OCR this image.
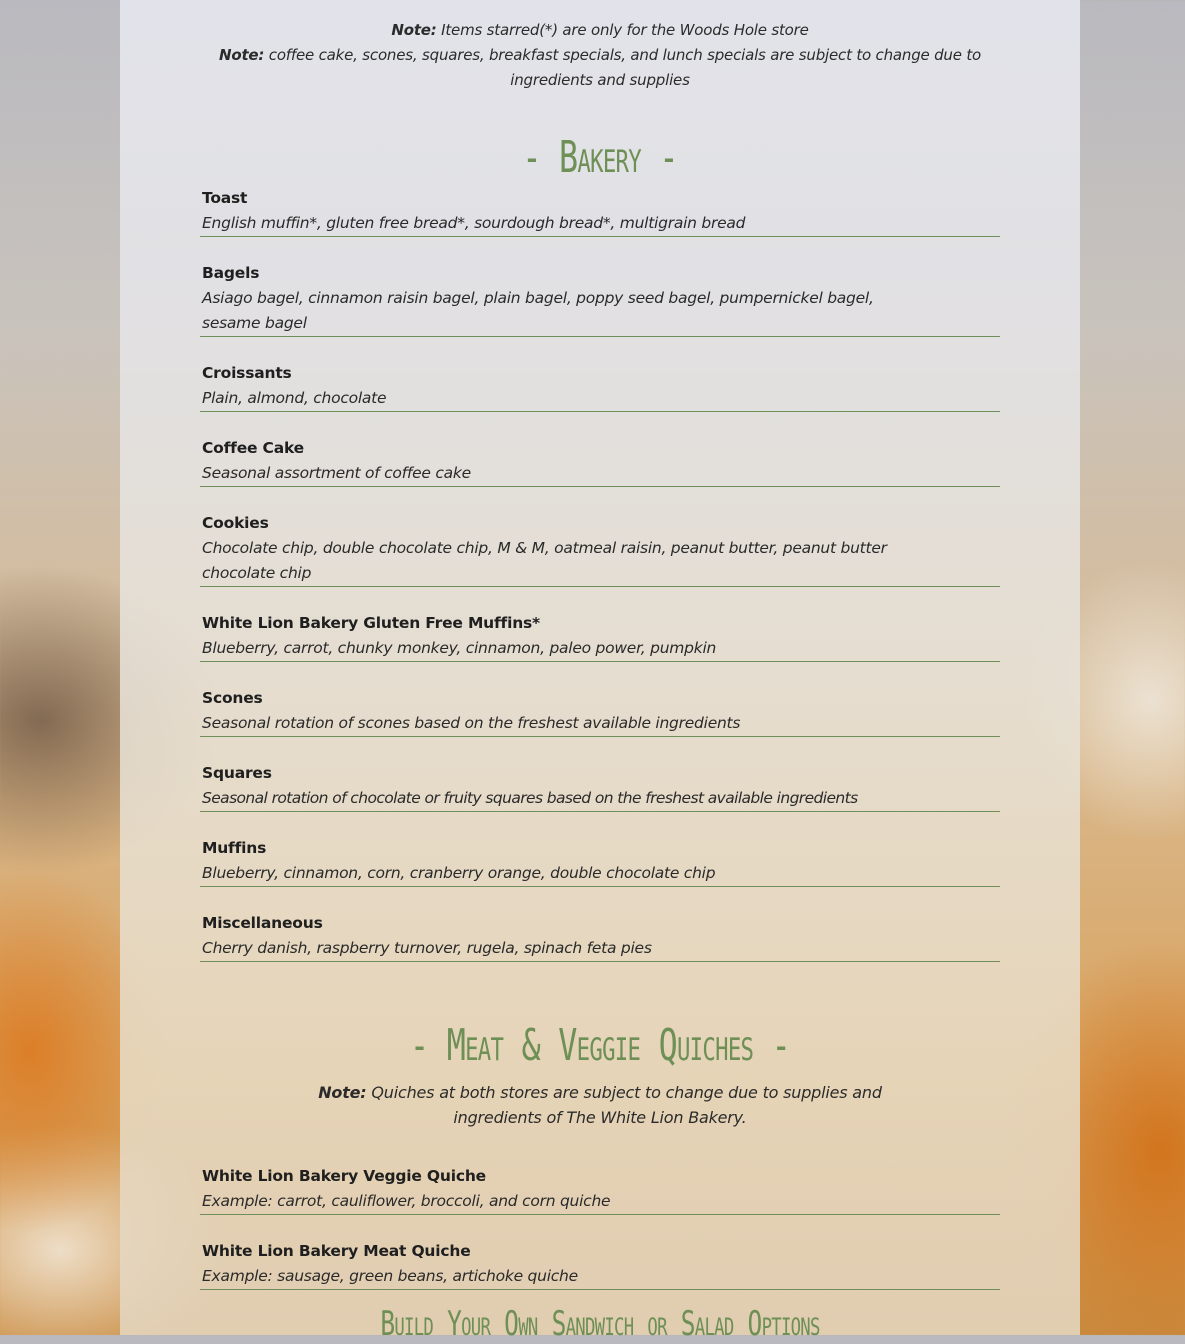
Note: Items starred(*) are only for the Woods Hole store
Note: coffee cake, scones, squares, breakfast specials, and lunch specials are subject to change due to ingredients and supplies
- Bakery -
Toast
English muffin*, gluten free bread*, sourdough bread*, multigrain bread
Bagels
Asiago bagel, cinnamon raisin bagel, plain bagel, poppy seed bagel, pumpernickel bagel, sesame bagel
Croissants
Plain, almond, chocolate
Coffee Cake
Seasonal assortment of coffee cake
Cookies
Chocolate chip, double chocolate chip, M & M, oatmeal raisin, peanut butter, peanut butter chocolate chip
White Lion Bakery Gluten Free Muffins*
Blueberry, carrot, chunky monkey, cinnamon, paleo power, pumpkin
Scones
Seasonal rotation of scones based on the freshest available ingredients
Squares
Seasonal rotation of chocolate or fruity squares based on the freshest available ingredients
Muffins
Blueberry, cinnamon, corn, cranberry orange, double chocolate chip
Miscellaneous
Cherry danish, raspberry turnover, rugela, spinach feta pies
- Meat & Veggie Quiches -
Note: Quiches at both stores are subject to change due to supplies and ingredients of The White Lion Bakery.
White Lion Bakery Veggie Quiche
Example: carrot, cauliflower, broccoli, and corn quiche
White Lion Bakery Meat Quiche
Example: sausage, green beans, artichoke quiche
Build Your Own Sandwich or Salad Options
